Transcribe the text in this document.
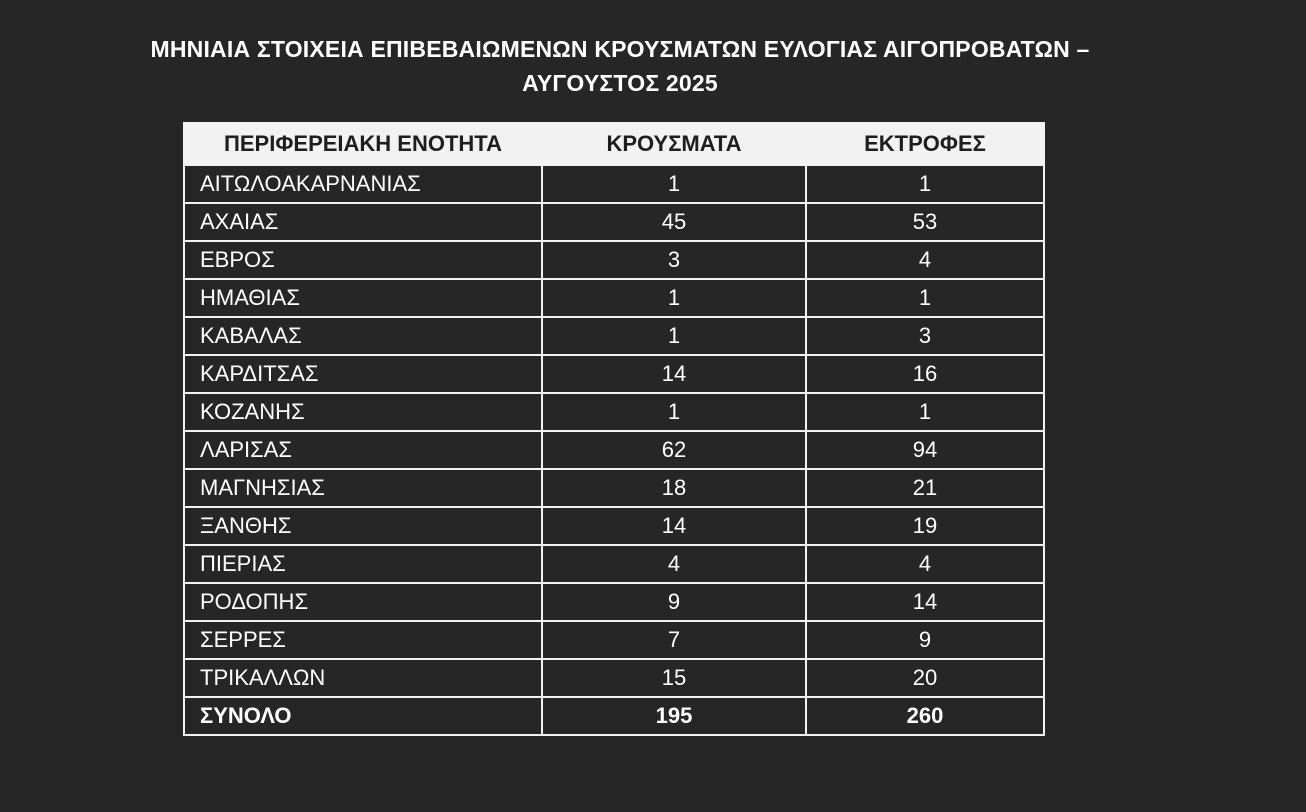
ΜΗΝΙΑΙΑ ΣΤΟΙΧΕΙΑ ΕΠΙΒΕΒΑΙΩΜΕΝΩΝ ΚΡΟΥΣΜΑΤΩΝ ΕΥΛΟΓΙΑΣ ΑΙΓΟΠΡΟΒΑΤΩΝ –
ΑΥΓΟΥΣΤΟΣ 2025
ΠΕΡΙΦΕΡΕΙΑΚΗ ΕΝΟΤΗΤΑ	ΚΡΟΥΣΜΑΤΑ	ΕΚΤΡΟΦΕΣ
ΑΙΤΩΛΟΑΚΑΡΝΑΝΙΑΣ	1	1
ΑΧΑΙΑΣ	45	53
ΕΒΡΟΣ	3	4
ΗΜΑΘΙΑΣ	1	1
ΚΑΒΑΛΑΣ	1	3
ΚΑΡΔΙΤΣΑΣ	14	16
ΚΟΖΑΝΗΣ	1	1
ΛΑΡΙΣΑΣ	62	94
ΜΑΓΝΗΣΙΑΣ	18	21
ΞΑΝΘΗΣ	14	19
ΠΙΕΡΙΑΣ	4	4
ΡΟΔΟΠΗΣ	9	14
ΣΕΡΡΕΣ	7	9
ΤΡΙΚΑΛΛΩΝ	15	20
ΣΥΝΟΛΟ	195	260
